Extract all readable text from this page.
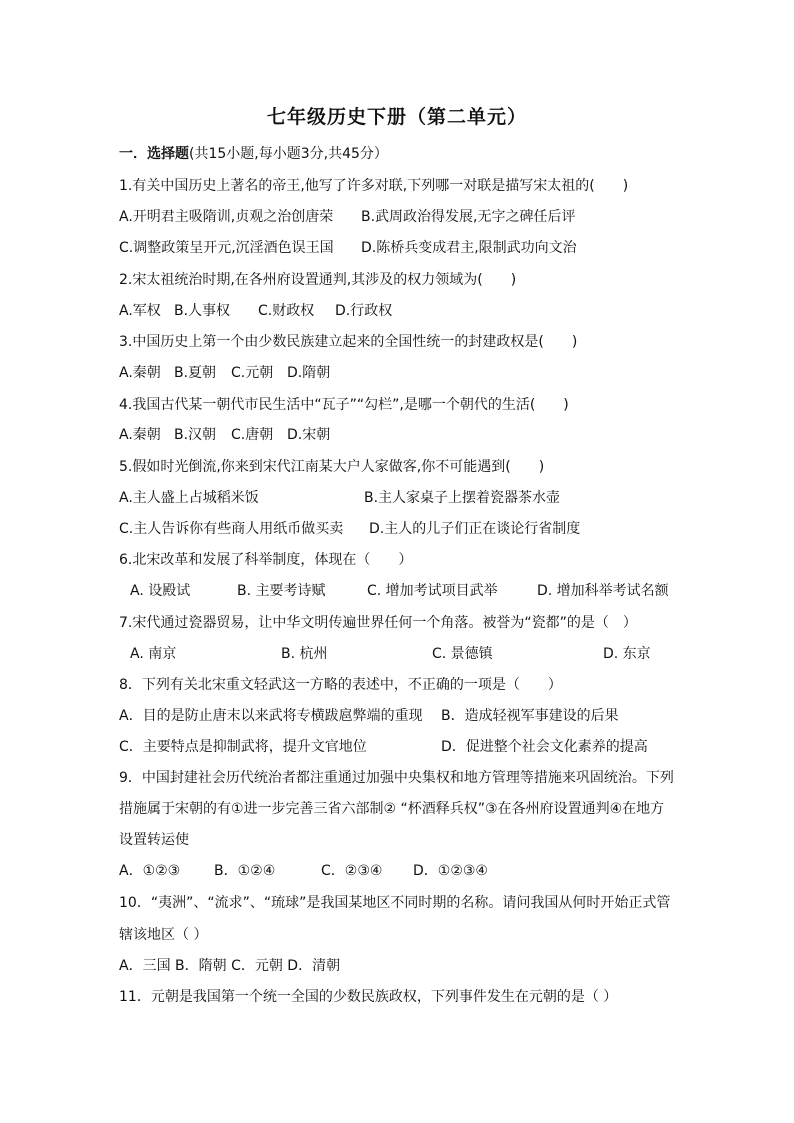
七年级历史下册（第二单元）
一．选择题(共15小题,每小题3分,共45分）
1.有关中国历史上著名的帝王,他写了许多对联,下列哪一对联是描写宋太祖的(　　)
A.开明君主吸隋训,贞观之治创唐荣 B.武周政治得发展,无字之碑任后评
C.调整政策呈开元,沉淫酒色误王国 D.陈桥兵变成君主,限制武功向文治
2.宋太祖统治时期,在各州府设置通判,其涉及的权力领域为(　　)
A.军权 B.人事权 C.财政权 D.行政权
3.中国历史上第一个由少数民族建立起来的全国性统一的封建政权是(　　)
A.秦朝 B.夏朝 C.元朝 D.隋朝
4.我国古代某一朝代市民生活中“瓦子”“勾栏”,是哪一个朝代的生活(　　)
A.秦朝 B.汉朝 C.唐朝 D.宋朝
5.假如时光倒流,你来到宋代江南某大户人家做客,你不可能遇到(　　)
A.主人盛上占城稻米饭	B.主人家桌子上摆着瓷器茶水壶
C.主人告诉你有些商人用纸币做买卖 D.主人的儿子们正在谈论行省制度
6.北宋改革和发展了科举制度，体现在（　　）
A. 设殿试	B. 主要考诗赋	C. 增加考试项目武举	D. 增加科举考试名额
7.宋代通过瓷器贸易，让中华文明传遍世界任何一个角落。被誉为“瓷都”的是（　）
A. 南京	B. 杭州	C. 景德镇	D. 东京
8．下列有关北宋重文轻武这一方略的表述中，不正确的一项是（　　）
A．目的是防止唐末以来武将专横跋扈弊端的重现 B．造成轻视军事建设的后果
C．主要特点是抑制武将，提升文官地位	D．促进整个社会文化素养的提高
9．中国封建社会历代统治者都注重通过加强中央集权和地方管理等措施来巩固统治。下列
措施属于宋朝的有①进一步完善三省六部制② “杯酒释兵权”③在各州府设置通判④在地方
设置转运使
A．①②③ B．①②④	C．②③④ D．①②③④
10．“夷洲”、“流求”、“琉球”是我国某地区不同时期的名称。请问我国从何时开始正式管
辖该地区（ ）
A．三国 B．隋朝 C．元朝 D．清朝
11．元朝是我国第一个统一全国的少数民族政权，下列事件发生在元朝的是（ ）
